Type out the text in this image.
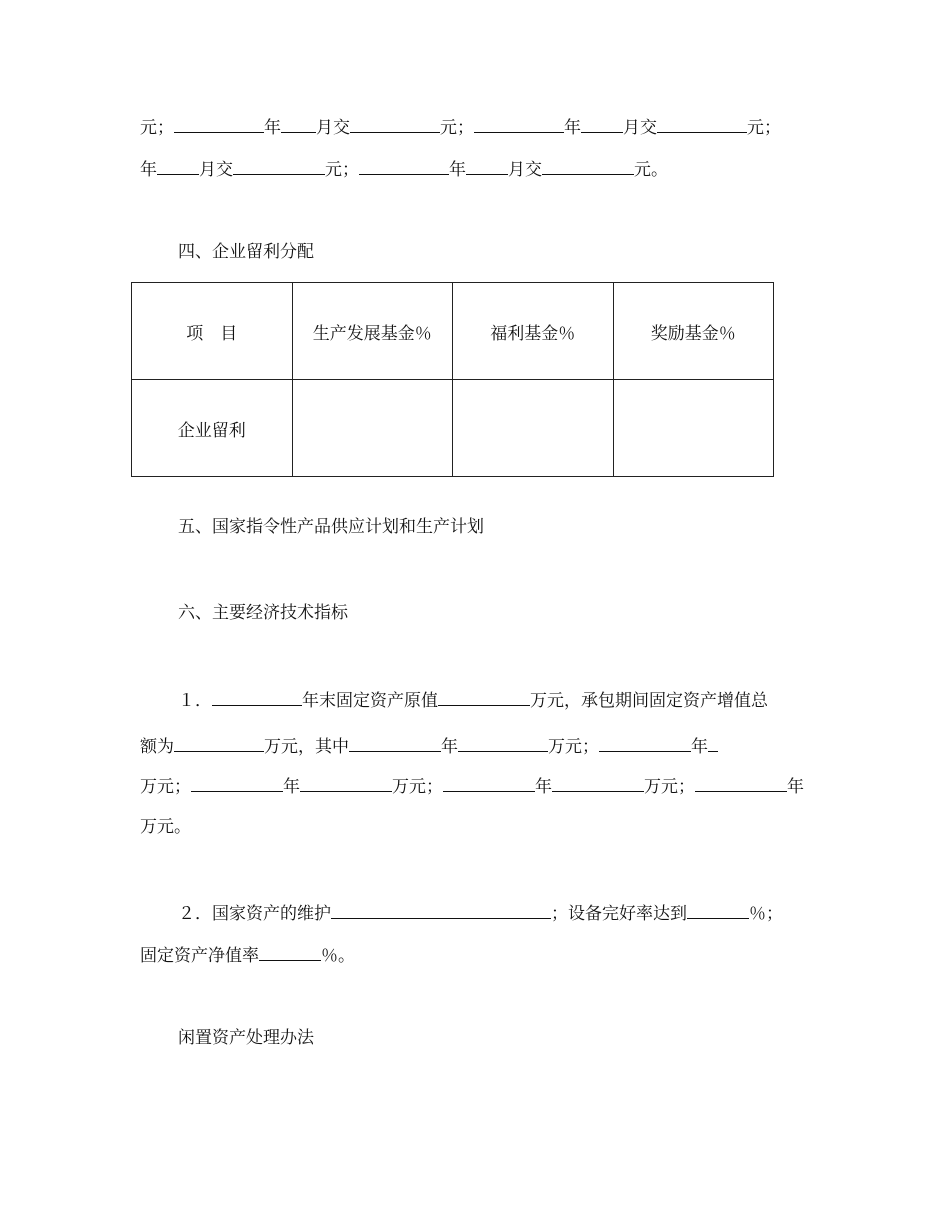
元；	年 月交	元；	年 月交	元；
年 月交	元；	年 月交	元。
四、企业留利分配
项　目	生产发展基金％	福利基金％	奖励基金％
企业留利			
五、国家指令性产品供应计划和生产计划
六、主要经济技术指标
１．	年末固定资产原值	万元，承包期间固定资产增值总
额为	万元，其中	年	万元；	年
万元；	年	万元；	年	万元；	年
万元。
２．国家资产的维护	；设备完好率达到	％；
固定资产净值率	％。
闲置资产处理办法
